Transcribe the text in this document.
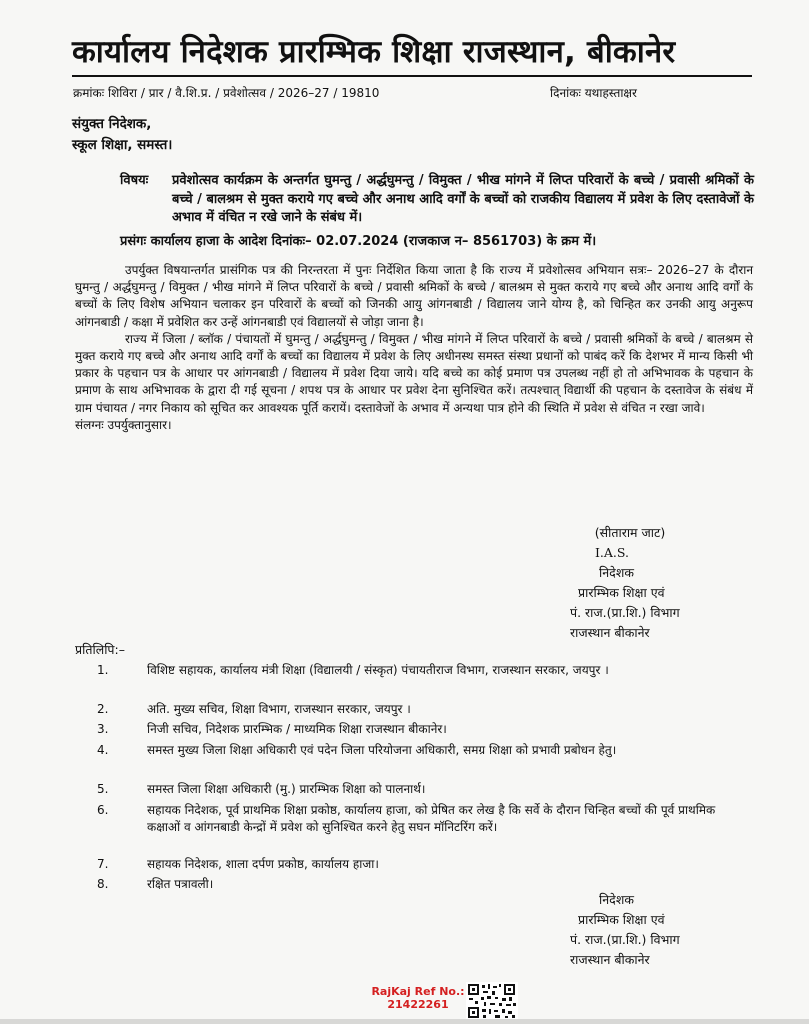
कार्यालय निदेशक प्रारम्भिक शिक्षा राजस्थान, बीकानेर
क्रमांकः शिविरा / प्रार / वै.शि.प्र. / प्रवेशोत्सव / 2026–27 / 19810	दिनांकः यथाहस्ताक्षर
संयुक्त निदेशक,
स्कूल शिक्षा, समस्त।
विषयः प्रवेशोत्सव कार्यक्रम के अन्तर्गत घुमन्तु / अर्द्धघुमन्तु / विमुक्त / भीख मांगने में लिप्त परिवारों के बच्चे / प्रवासी श्रमिकों के बच्चे / बालश्रम से मुक्त कराये गए बच्चे और अनाथ आदि वर्गों के बच्चों को राजकीय विद्यालय में प्रवेश के लिए दस्तावेजों के अभाव में वंचित न रखे जाने के संबंध में।
प्रसंगः कार्यालय हाजा के आदेश दिनांकः– 02.07.2024 (राजकाज न– 8561703) के क्रम में।

उपर्युक्त विषयान्तर्गत प्रासंगिक पत्र की निरन्तरता में पुनः निर्देशित किया जाता है कि राज्य में प्रवेशोत्सव अभियान सत्रः– 2026–27 के दौरान घुमन्तु / अर्द्धघुमन्तु / विमुक्त / भीख मांगने में लिप्त परिवारों के बच्चे / प्रवासी श्रमिकों के बच्चे / बालश्रम से मुक्त कराये गए बच्चे और अनाथ आदि वर्गों के बच्चों के लिए विशेष अभियान चलाकर इन परिवारों के बच्चों को जिनकी आयु आंगनबाडी / विद्यालय जाने योग्य है, को चिन्हित कर उनकी आयु अनुरूप आंगनबाडी / कक्षा में प्रवेशित कर उन्हें आंगनबाडी एवं विद्यालयों से जोड़ा जाना है।

राज्य में जिला / ब्लॉक / पंचायतों में घुमन्तु / अर्द्धघुमन्तु / विमुक्त / भीख मांगने में लिप्त परिवारों के बच्चे / प्रवासी श्रमिकों के बच्चे / बालश्रम से मुक्त कराये गए बच्चे और अनाथ आदि वर्गों के बच्चों का विद्यालय में प्रवेश के लिए अधीनस्थ समस्त संस्था प्रधानों को पाबंद करें कि देशभर में मान्य किसी भी प्रकार के पहचान पत्र के आधार पर आंगनबाडी / विद्यालय में प्रवेश दिया जाये। यदि बच्चे का कोई प्रमाण पत्र उपलब्ध नहीं हो तो अभिभावक के पहचान के प्रमाण के साथ अभिभावक के द्वारा दी गई सूचना / शपथ पत्र के आधार पर प्रवेश देना सुनिश्चित करें। तत्पश्चात् विद्यार्थी की पहचान के दस्तावेज के संबंध में ग्राम पंचायत / नगर निकाय को सूचित कर आवश्यक पूर्ति करायें। दस्तावेजों के अभाव में अन्यथा पात्र होने की स्थिति में प्रवेश से वंचित न रखा जावे।

संलग्नः उपर्युक्तानुसार।

(सीताराम जाट)
I.A.S.
निदेशक
प्रारम्भिक शिक्षा एवं
पं. राज.(प्रा.शि.) विभाग
राजस्थान बीकानेर
प्रतिलिपि:–
1.	विशिष्ट सहायक, कार्यालय मंत्री शिक्षा (विद्यालयी / संस्कृत) पंचायतीराज विभाग, राजस्थान सरकार, जयपुर ।
2.	अति. मुख्य सचिव, शिक्षा विभाग, राजस्थान सरकार, जयपुर ।
3.	निजी सचिव, निदेशक प्रारम्भिक / माध्यमिक शिक्षा राजस्थान बीकानेर।
4.	समस्त मुख्य जिला शिक्षा अधिकारी एवं पदेन जिला परियोजना अधिकारी, समग्र शिक्षा को प्रभावी प्रबोधन हेतु।
5.	समस्त जिला शिक्षा अधिकारी (मु.) प्रारम्भिक शिक्षा को पालनार्थ।
6.	सहायक निदेशक, पूर्व प्राथमिक शिक्षा प्रकोष्ठ, कार्यालय हाजा, को प्रेषित कर लेख है कि सर्वे के दौरान चिन्हित बच्चों की पूर्व प्राथमिक कक्षाओं व आंगनबाडी केन्द्रों में प्रवेश को सुनिश्चित करने हेतु सघन मॉनिटरिंग करें।
7.	सहायक निदेशक, शाला दर्पण प्रकोष्ठ, कार्यालय हाजा।
8.	रक्षित पत्रावली।
निदेशक
प्रारम्भिक शिक्षा एवं
पं. राज.(प्रा.शि.) विभाग
राजस्थान बीकानेर
RajKaj Ref No.:
21422261
